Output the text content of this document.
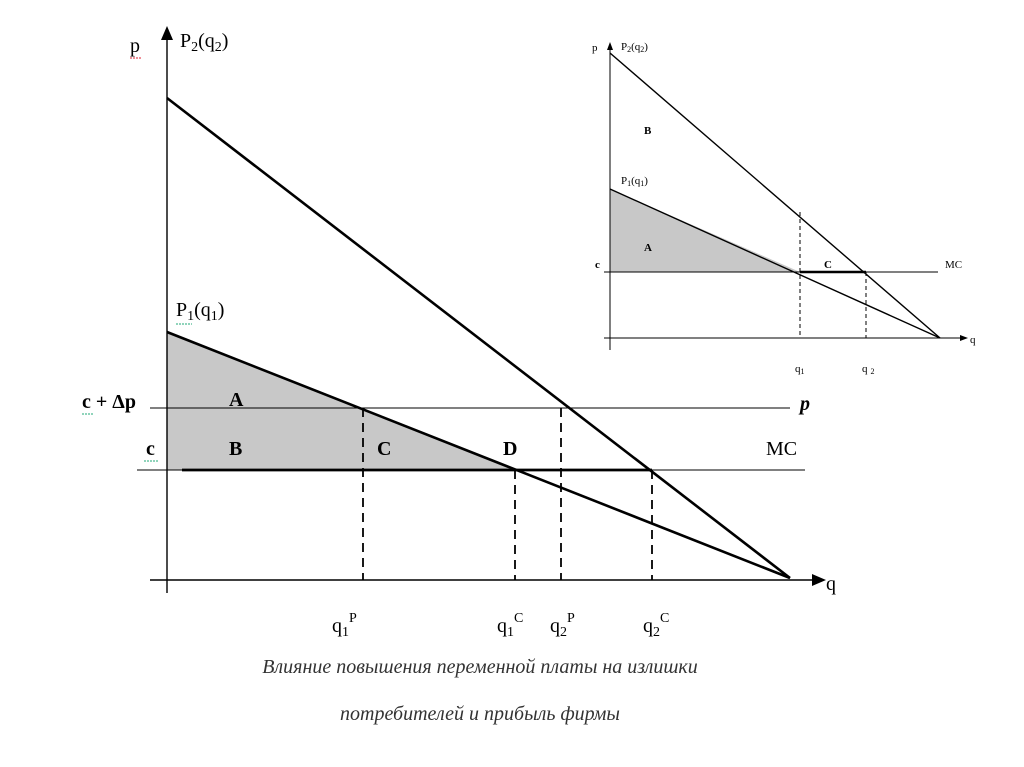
p $P_2(q_2)$
$P_1(q_1)$
c + Δp
c
p
MC
A
B	C	D
q
$q_1^P$	$q_1^C$ $q_2^P$	$q_2^C$
p P2(q2)
P1(q1)
B
A
C
c	MC
q
q1	q 2
Влияние повышения переменной платы на излишки
потребителей и прибыль фирмы
